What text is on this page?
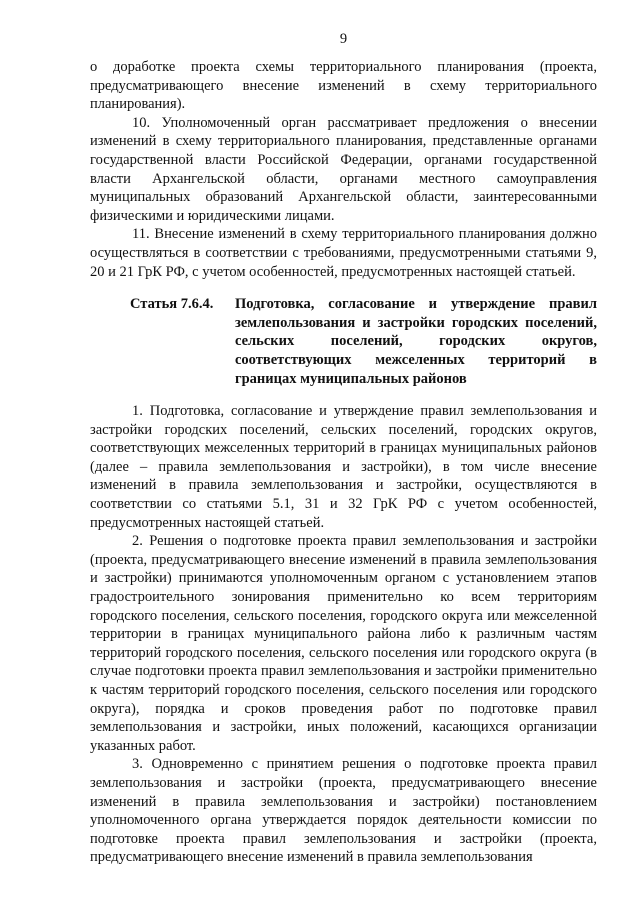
9

о доработке проекта схемы территориального планирования (проекта, предусматривающего внесение изменений в схему территориального планирования).

10. Уполномоченный орган рассматривает предложения о внесении изменений в схему территориального планирования, представленные органами государственной власти Российской Федерации, органами государственной власти Архангельской области, органами местного самоуправления муниципальных образований Архангельской области, заинтересованными физическими и юридическими лицами.

11. Внесение изменений в схему территориального планирования должно осуществляться в соответствии с требованиями, предусмотренными статьями 9, 20 и 21 ГрК РФ, с учетом особенностей, предусмотренных настоящей статьей.

Статья 7.6.4.	Подготовка, согласование и утверждение правил землепользования и застройки городских поселений, сельских поселений, городских округов, соответствующих межселенных территорий в границах муниципальных районов

1. Подготовка, согласование и утверждение правил землепользования и застройки городских поселений, сельских поселений, городских округов, соответствующих межселенных территорий в границах муниципальных районов (далее – правила землепользования и застройки), в том числе внесение изменений в правила землепользования и застройки, осуществляются в соответствии со статьями 5.1, 31 и 32 ГрК РФ с учетом особенностей, предусмотренных настоящей статьей.

2. Решения о подготовке проекта правил землепользования и застройки (проекта, предусматривающего внесение изменений в правила землепользования и застройки) принимаются уполномоченным органом с установлением этапов градостроительного зонирования применительно ко всем территориям городского поселения, сельского поселения, городского округа или межселенной территории в границах муниципального района либо к различным частям территорий городского поселения, сельского поселения или городского округа (в случае подготовки проекта правил землепользования и застройки применительно к частям территорий городского поселения, сельского поселения или городского округа), порядка и сроков проведения работ по подготовке правил землепользования и застройки, иных положений, касающихся организации указанных работ.

3. Одновременно с принятием решения о подготовке проекта правил землепользования и застройки (проекта, предусматривающего внесение изменений в правила землепользования и застройки) постановлением уполномоченного органа утверждается порядок деятельности комиссии по подготовке проекта правил землепользования и застройки (проекта, предусматривающего внесение изменений в правила землепользования
